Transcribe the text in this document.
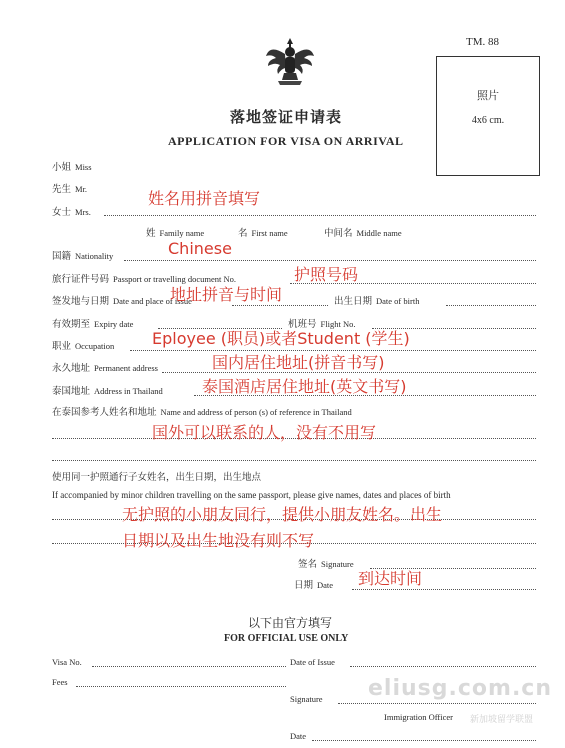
TM. 88
照片
4x6 cm.
落地签证申请表
APPLICATION FOR VISA ON ARRIVAL
小姐 Miss
先生 Mr.
女士 Mrs.
姓名用拼音填写
姓 Family name	名 First name	中间名 Middle name
国籍 Nationality	Chinese
旅行证件号码 Passport or travelling document No.	护照号码
签发地与日期 Date and place of issue	出生日期 Date of birth
地址拼音与时间
有效期至 Expiry date	机班号 Flight No.
职业 Occupation Eployee (职员)或者Student (学生)
永久地址 Permanent address	国内居住地址(拼音书写)
泰国地址 Address in Thailand 泰国酒店居住地址(英文书写)
在泰国参考人姓名和地址 Name and address of person (s) of reference in Thailand
国外可以联系的人，没有不用写
使用同一护照通行子女姓名，出生日期，出生地点
If accompanied by minor children travelling on the same passport, please give names, dates and places of birth
无护照的小朋友同行，提供小朋友姓名。出生
日期以及出生地没有则不写
签名 Signature
日期 Date 到达时间
以下由官方填写
FOR OFFICIAL USE ONLY
Visa No.	Date of Issue
Fees
Signature
Immigration Officer
Date
eliusg.com.cn
新加坡留学联盟
